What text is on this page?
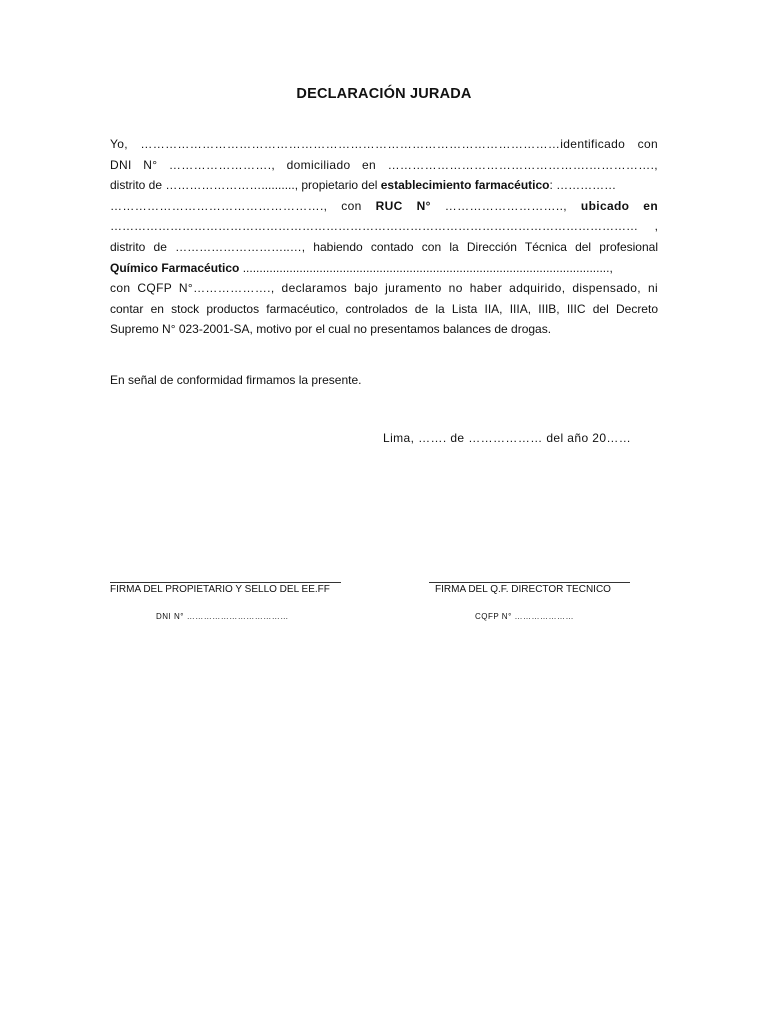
DECLARACIÓN JURADA
Yo, …………………………………………………………………………………………identificado con
DNI N° ……………………., domiciliado en ………………………………………….…………….,
distrito de …………………….........., propietario del establecimiento farmacéutico: ……………
……………………………………………., con RUC N° ……………………….., ubicado en
…………………………………………………………………………………………………………………… ,
distrito de ………………………..…, habiendo contado con la Dirección Técnica del profesional
Químico Farmacéutico ..............................................................................................................,
con CQFP N°………………., declaramos bajo juramento no haber adquirido, dispensado, ni
contar en stock productos farmacéutico, controlados de la Lista IIA, IIIA, IIIB, IIIC del Decreto
Supremo N° 023-2001-SA, motivo por el cual no presentamos balances de drogas.
En señal de conformidad firmamos la presente.
Lima, ……. de ……………… del año 20……
FIRMA DEL PROPIETARIO Y SELLO DEL EE.FF	FIRMA DEL Q.F. DIRECTOR TECNICO
DNI N° ………………………………	CQFP N° …………………
